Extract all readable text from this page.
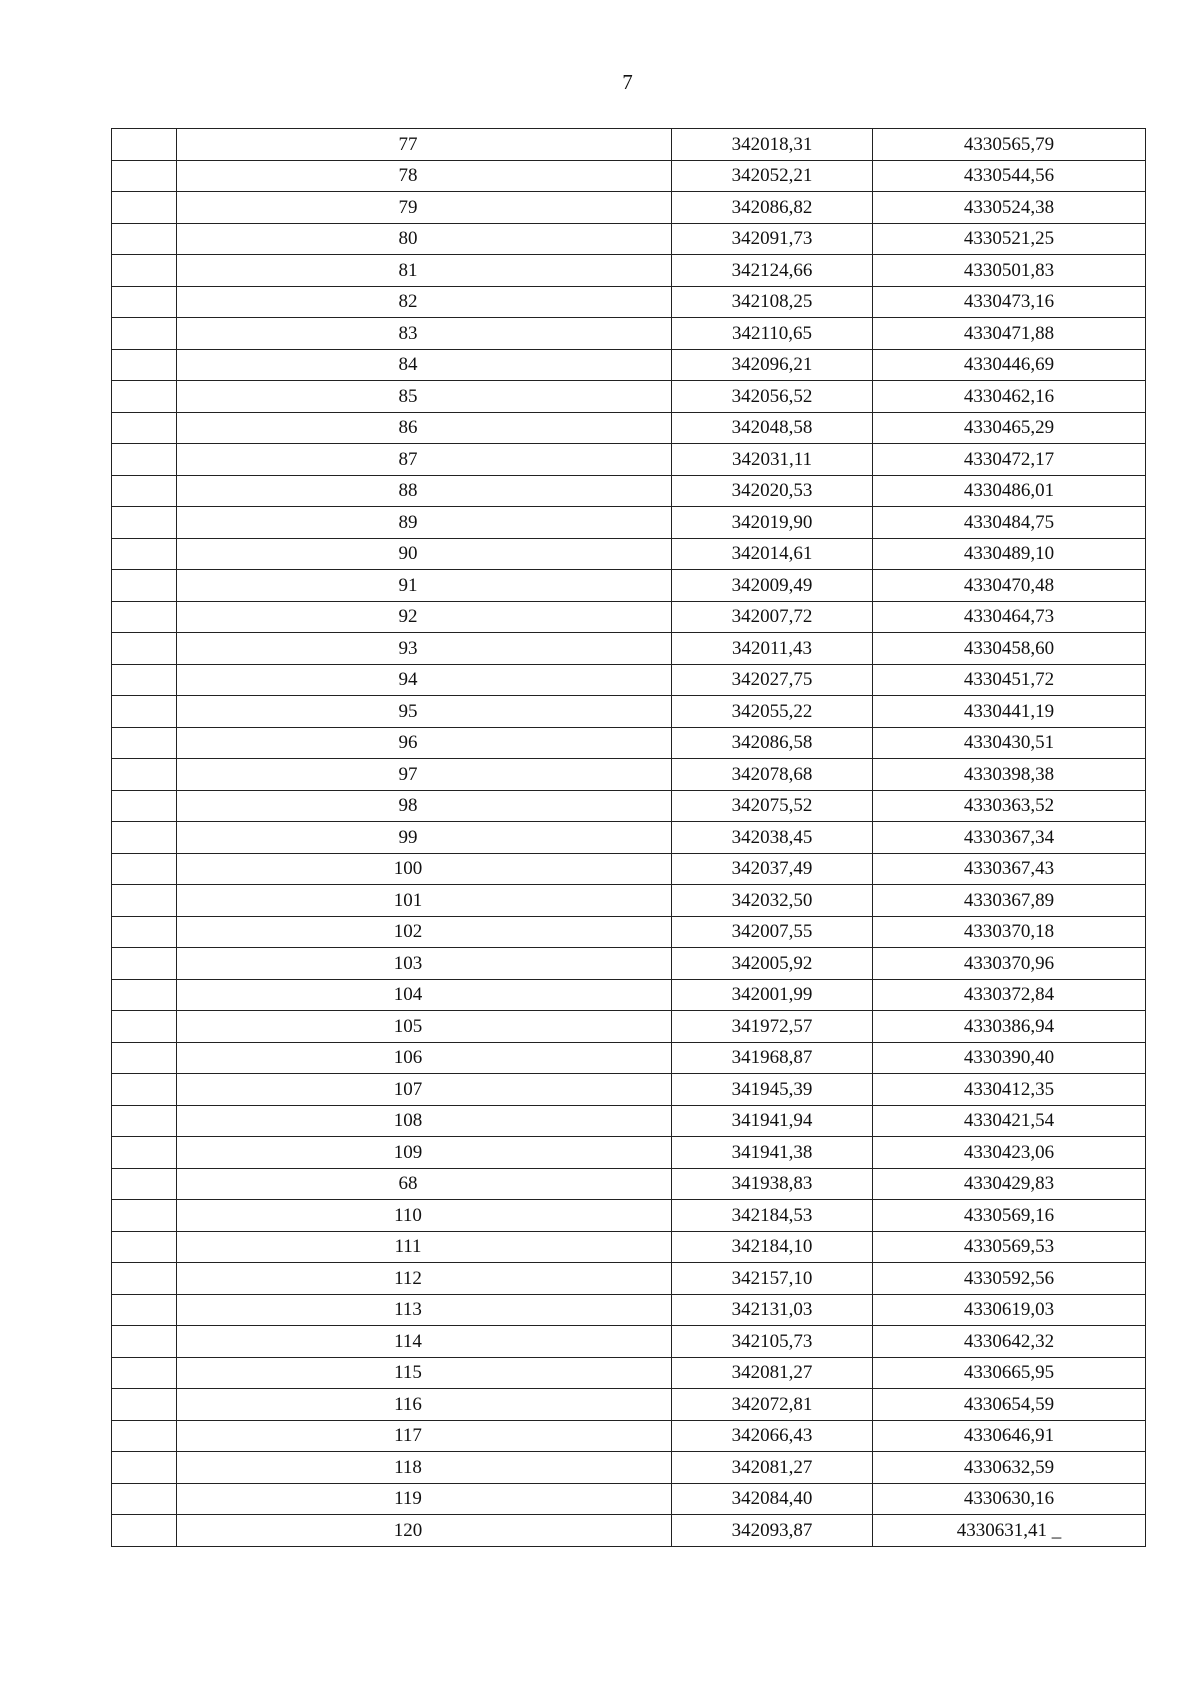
7
	77	342018,31	4330565,79
	78	342052,21	4330544,56
	79	342086,82	4330524,38
	80	342091,73	4330521,25
	81	342124,66	4330501,83
	82	342108,25	4330473,16
	83	342110,65	4330471,88
	84	342096,21	4330446,69
	85	342056,52	4330462,16
	86	342048,58	4330465,29
	87	342031,11	4330472,17
	88	342020,53	4330486,01
	89	342019,90	4330484,75
	90	342014,61	4330489,10
	91	342009,49	4330470,48
	92	342007,72	4330464,73
	93	342011,43	4330458,60
	94	342027,75	4330451,72
	95	342055,22	4330441,19
	96	342086,58	4330430,51
	97	342078,68	4330398,38
	98	342075,52	4330363,52
	99	342038,45	4330367,34
	100	342037,49	4330367,43
	101	342032,50	4330367,89
	102	342007,55	4330370,18
	103	342005,92	4330370,96
	104	342001,99	4330372,84
	105	341972,57	4330386,94
	106	341968,87	4330390,40
	107	341945,39	4330412,35
	108	341941,94	4330421,54
	109	341941,38	4330423,06
	68	341938,83	4330429,83
	110	342184,53	4330569,16
	111	342184,10	4330569,53
	112	342157,10	4330592,56
	113	342131,03	4330619,03
	114	342105,73	4330642,32
	115	342081,27	4330665,95
	116	342072,81	4330654,59
	117	342066,43	4330646,91
	118	342081,27	4330632,59
	119	342084,40	4330630,16
	120	342093,87	4330631,41 _
